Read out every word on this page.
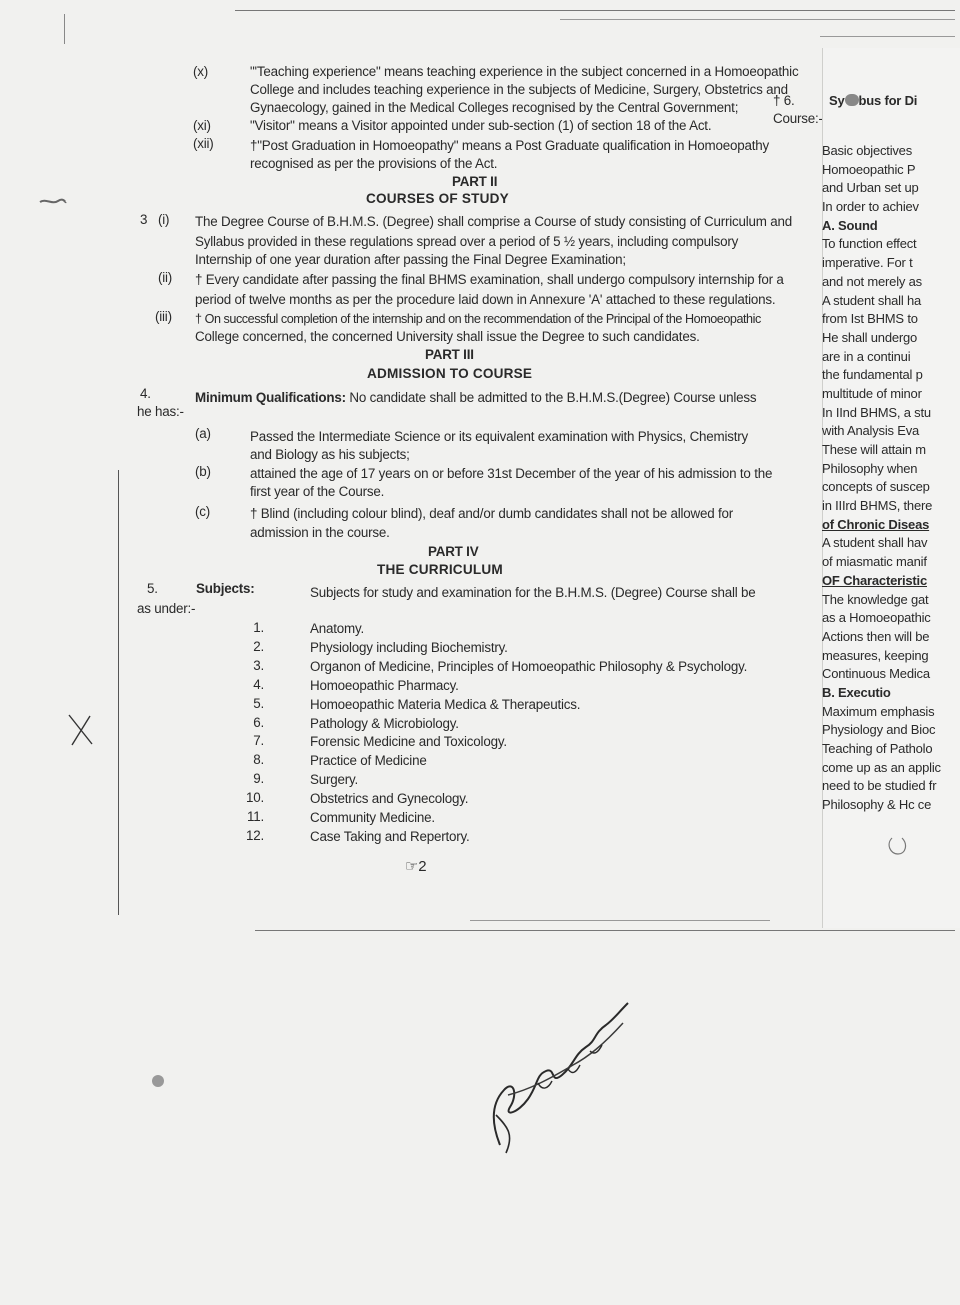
(x)	"'Teaching experience" means teaching experience in the subject concerned in a Homoeopathic
College and includes teaching experience in the subjects of Medicine, Surgery, Obstetrics and
Gynaecology, gained in the Medical Colleges recognised by the Central Government;
(xi)	"Visitor" means a Visitor appointed under sub-section (1) of section 18 of the Act.
(xii)	†"Post Graduation in Homoeopathy" means a Post Graduate qualification in Homoeopathy
recognised as per the provisions of the Act.
PART II
COURSES OF STUDY
3 (i) The Degree Course of B.H.M.S. (Degree) shall comprise a Course of study consisting of Curriculum and
Syllabus provided in these regulations spread over a period of 5 ½ years, including compulsory
Internship of one year duration after passing the Final Degree Examination;
(ii) † Every candidate after passing the final BHMS examination, shall undergo compulsory internship for a
period of twelve months as per the procedure laid down in Annexure 'A' attached to these regulations.
(iii) † On successful completion of the internship and on the recommendation of the Principal of the Homoeopathic
College concerned, the concerned University shall issue the Degree to such candidates.
PART III
ADMISSION TO COURSE
4.	Minimum Qualifications: No candidate shall be admitted to the B.H.M.S.(Degree) Course unless
he has:-
(a)	Passed the Intermediate Science or its equivalent examination with Physics, Chemistry
and Biology as his subjects;
(b)	attained the age of 17 years on or before 31st December of the year of his admission to the
first year of the Course.
(c)	† Blind (including colour blind), deaf and/or dumb candidates shall not be allowed for
admission in the course.
PART IV
THE CURRICULUM
5.	Subjects:	Subjects for study and examination for the B.H.M.S. (Degree) Course shall be
as under:-
1.	Anatomy.
2.	Physiology including Biochemistry.
3.	Organon of Medicine, Principles of Homoeopathic Philosophy & Psychology.
4.	Homoeopathic Pharmacy.
5.	Homoeopathic Materia Medica & Therapeutics.
6.	Pathology & Microbiology.
7.	Forensic Medicine and Toxicology.
8.	Practice of Medicine
9.	Surgery.
10.	Obstetrics and Gynecology.
11.	Community Medicine.
12.	Case Taking and Repertory.
☞2
† 6.
Course:-
Sy bus for Di
Basic objectives
Homoeopathic P
and Urban set up
In order to achiev
A. Sound
To function effect
imperative. For t
and not merely as
A student shall ha
from Ist BHMS to
He shall undergo
are in a continui
the fundamental p
multitude of minor
In IInd BHMS, a stu
with Analysis Eva
These will attain m
Philosophy when
concepts of suscep
in IIIrd BHMS, there
of Chronic Diseas
A student shall hav
of miasmatic manif
OF Characteristic
The knowledge gat
as a Homoeopathic
Actions then will be
measures, keeping
Continuous Medica
B. Executio
Maximum emphasis
Physiology and Bioc
Teaching of Patholo
come up as an applic
need to be studied fr
Philosophy & Hc ce
